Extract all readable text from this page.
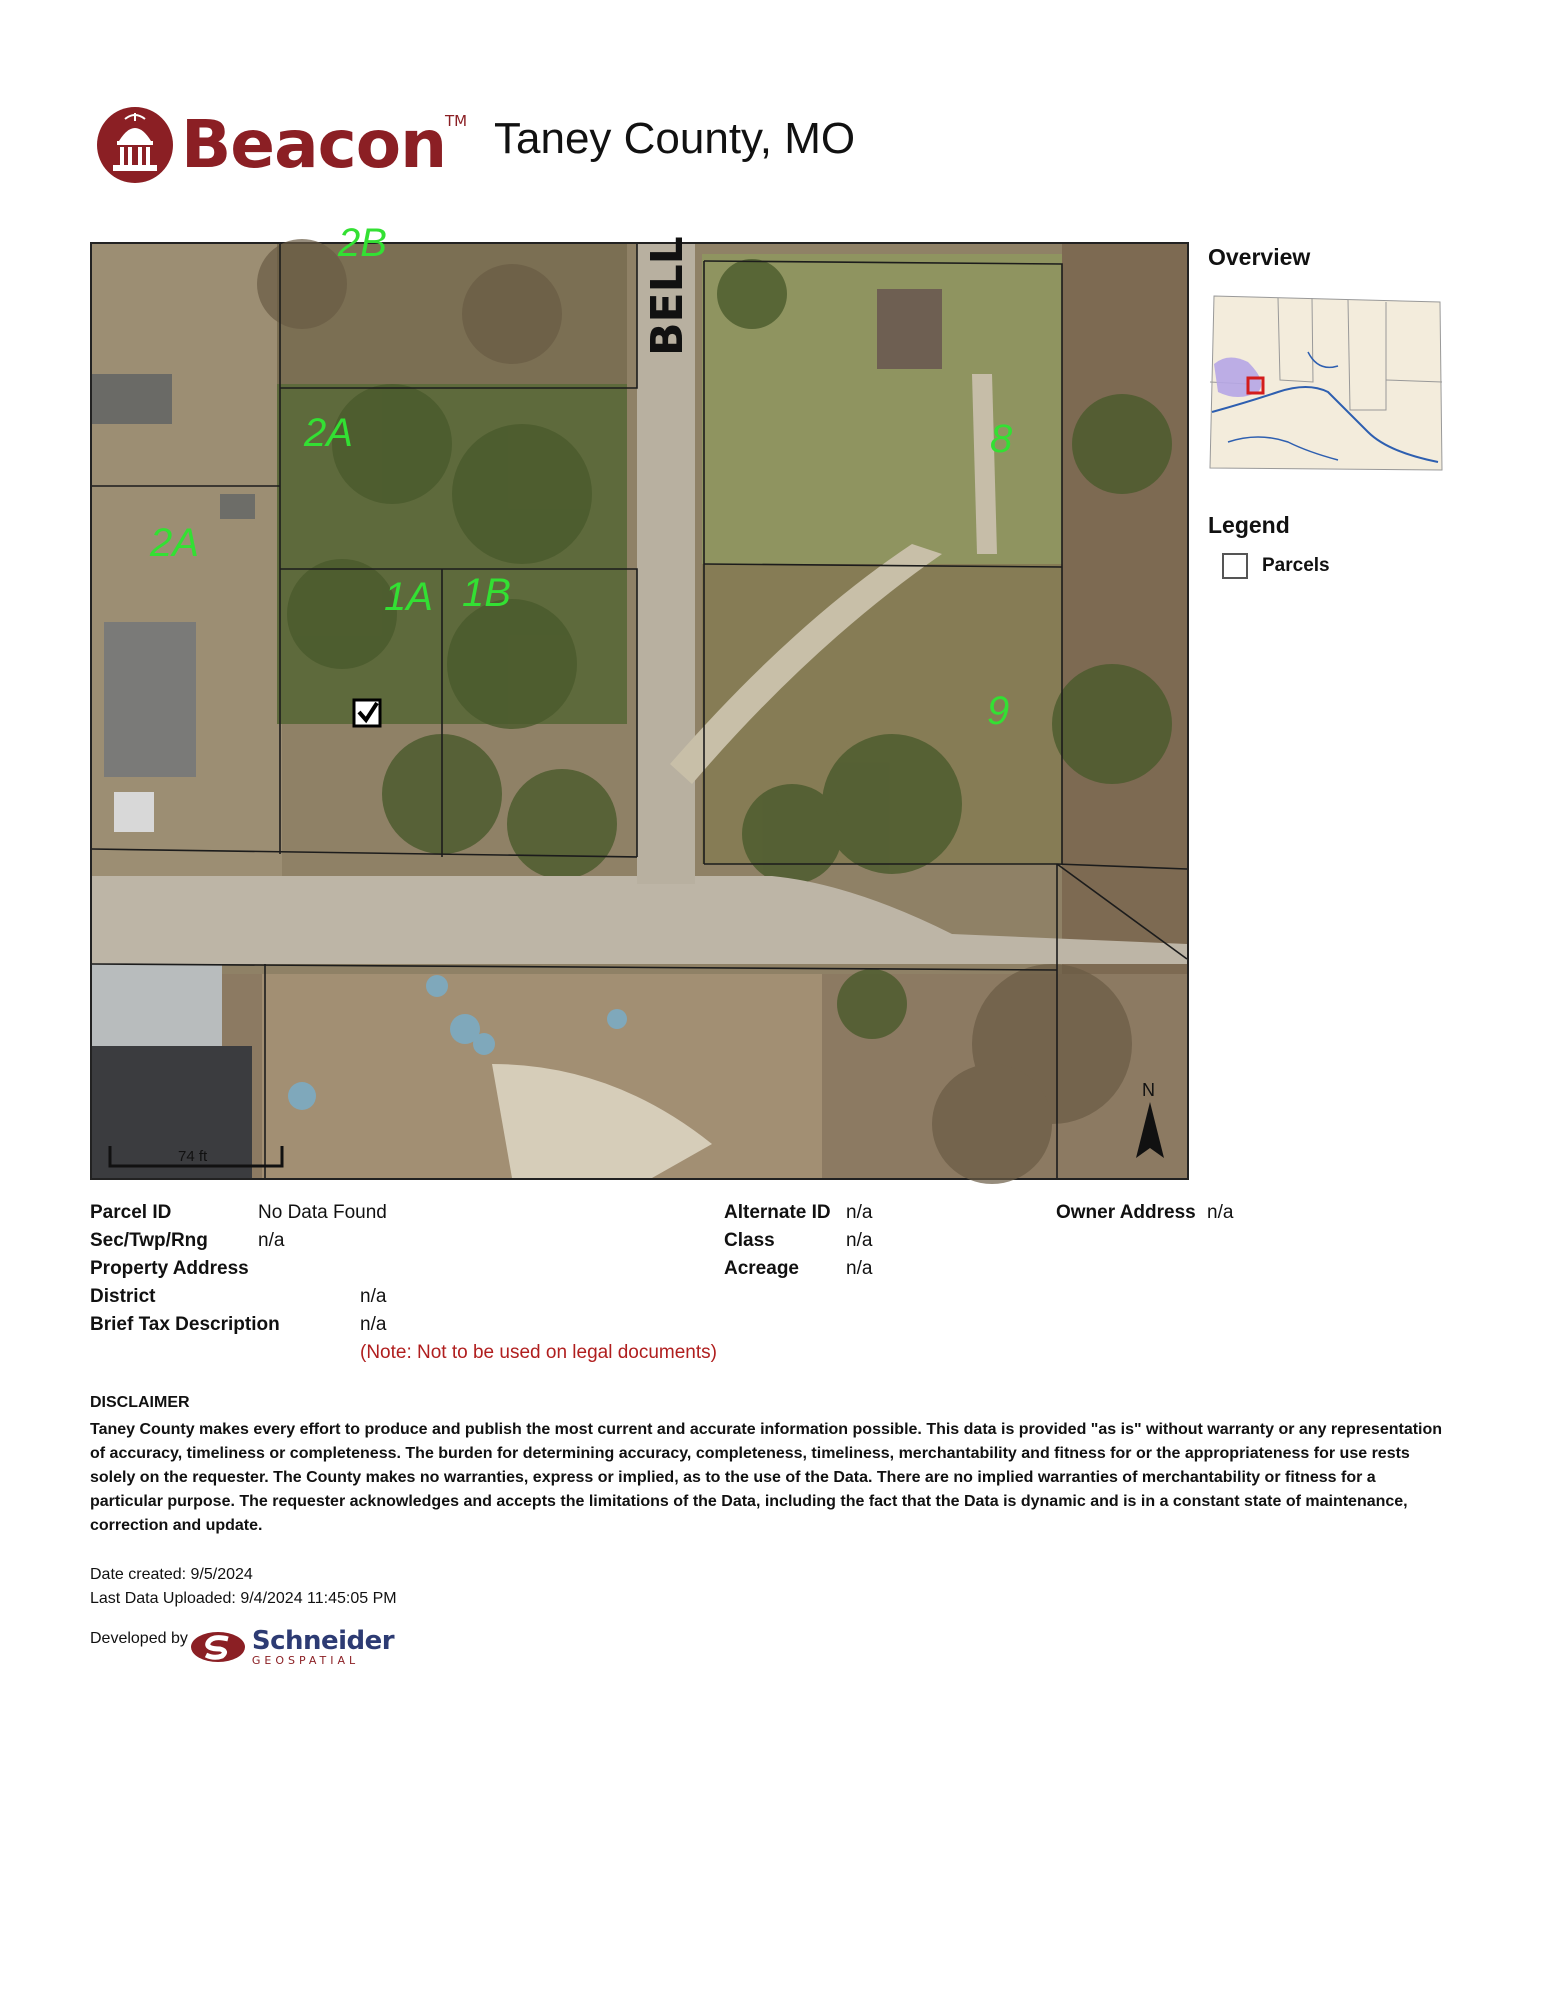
Beacon
TM Taney County, MO
2B
2A
2A
1A 1B
8
9
BELL
74 ft
N
Overview
Legend
Parcels
Parcel ID	No Data Found
Sec/Twp/Rng	n/a
Property Address
District	n/a
Brief Tax Description	n/a
(Note: Not to be used on legal documents)
Alternate ID n/a
Class	n/a
Acreage n/a
Owner Address n/a
DISCLAIMER
Taney County makes every effort to produce and publish the most current and accurate information possible. This data is provided "as is" without warranty or any representation of accuracy, timeliness or completeness. The burden for determining accuracy, completeness, timeliness, merchantability and fitness for or the appropriateness for use rests solely on the requester. The County makes no warranties, express or implied, as to the use of the Data. There are no implied warranties of merchantability or fitness for a particular purpose. The requester acknowledges and accepts the limitations of the Data, including the fact that the Data is dynamic and is in a constant state of maintenance, correction and update.
Date created: 9/5/2024
Last Data Uploaded: 9/4/2024 11:45:05 PM
Developed by Schneider
GEOSPATIAL
